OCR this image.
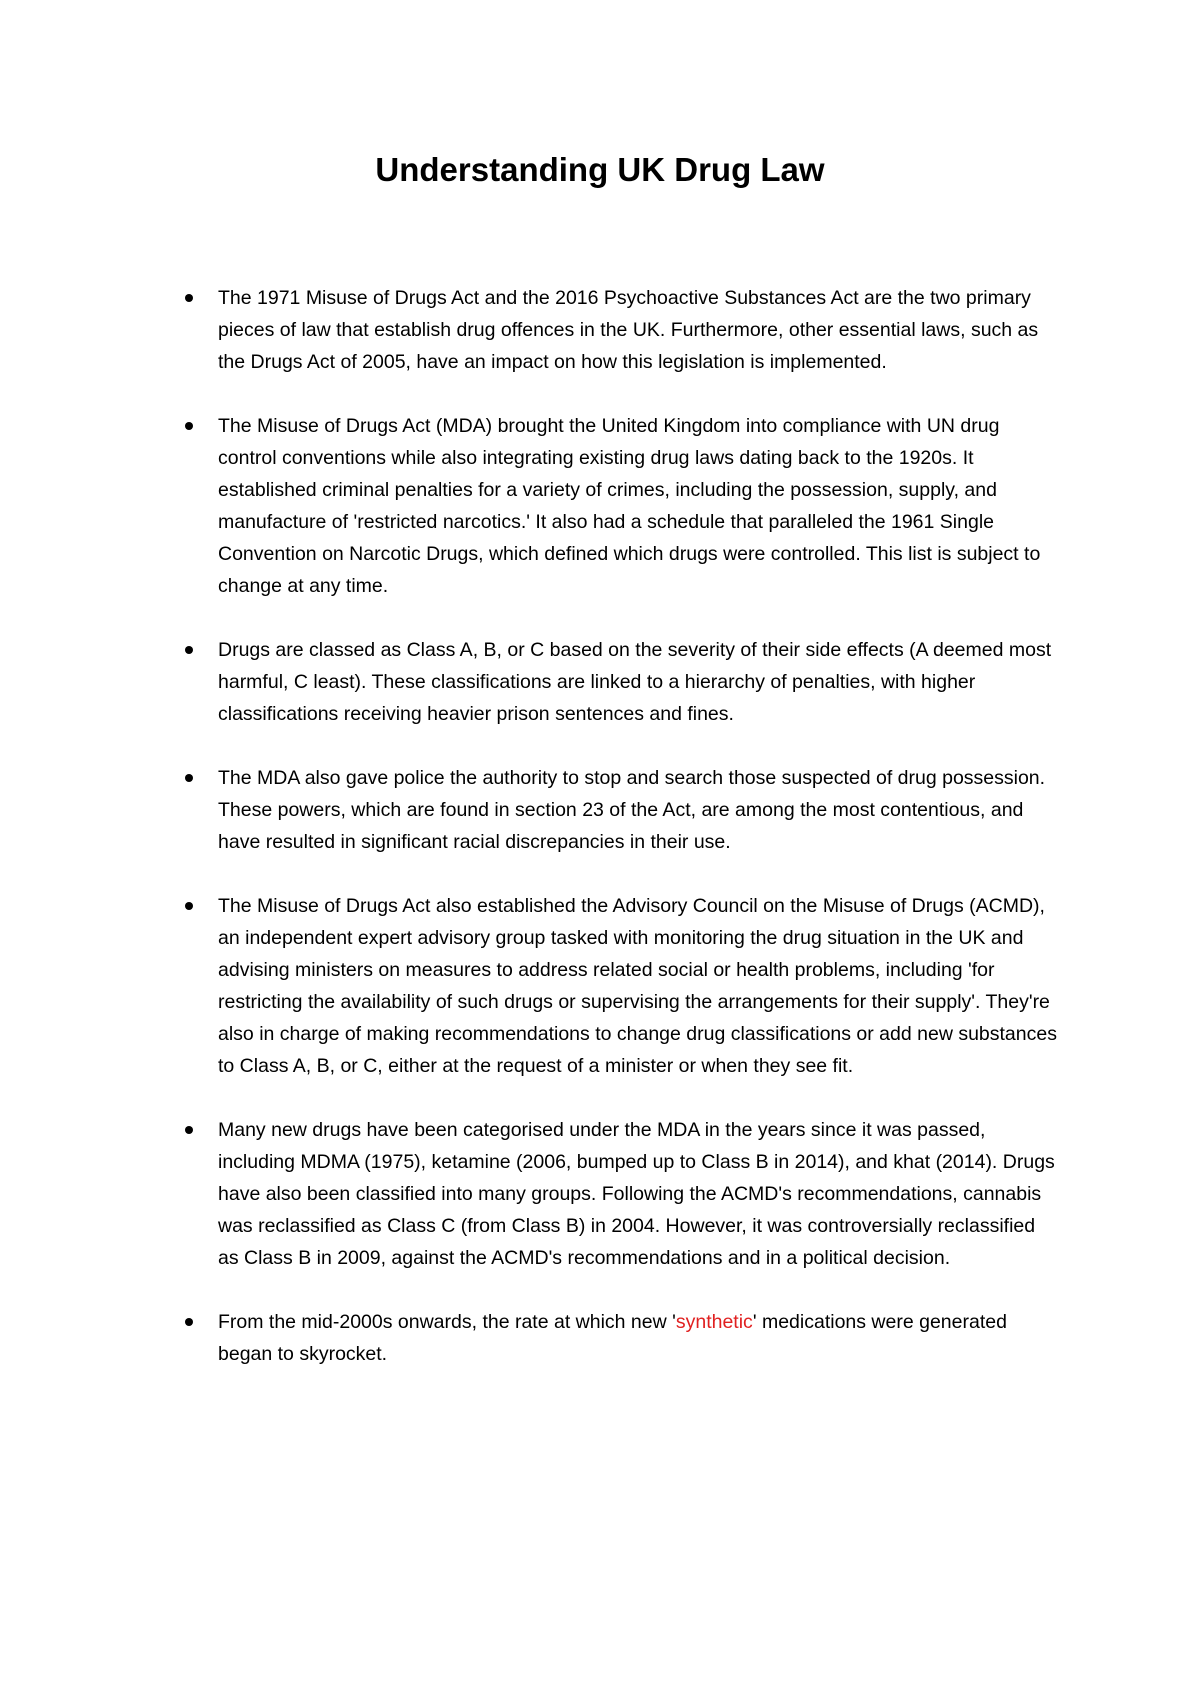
Understanding UK Drug Law
The 1971 Misuse of Drugs Act and the 2016 Psychoactive Substances Act are the two primary pieces of law that establish drug offences in the UK. Furthermore, other essential laws, such as the Drugs Act of 2005, have an impact on how this legislation is implemented.
The Misuse of Drugs Act (MDA) brought the United Kingdom into compliance with UN drug control conventions while also integrating existing drug laws dating back to the 1920s. It established criminal penalties for a variety of crimes, including the possession, supply, and manufacture of 'restricted narcotics.' It also had a schedule that paralleled the 1961 Single Convention on Narcotic Drugs, which defined which drugs were controlled. This list is subject to change at any time.
Drugs are classed as Class A, B, or C based on the severity of their side effects (A deemed most harmful, C least). These classifications are linked to a hierarchy of penalties, with higher classifications receiving heavier prison sentences and fines.
The MDA also gave police the authority to stop and search those suspected of drug possession. These powers, which are found in section 23 of the Act, are among the most contentious, and have resulted in significant racial discrepancies in their use.
The Misuse of Drugs Act also established the Advisory Council on the Misuse of Drugs (ACMD), an independent expert advisory group tasked with monitoring the drug situation in the UK and advising ministers on measures to address related social or health problems, including 'for restricting the availability of such drugs or supervising the arrangements for their supply'. They're also in charge of making recommendations to change drug classifications or add new substances to Class A, B, or C, either at the request of a minister or when they see fit.
Many new drugs have been categorised under the MDA in the years since it was passed, including MDMA (1975), ketamine (2006, bumped up to Class B in 2014), and khat (2014). Drugs have also been classified into many groups. Following the ACMD's recommendations, cannabis was reclassified as Class C (from Class B) in 2004. However, it was controversially reclassified as Class B in 2009, against the ACMD's recommendations and in a political decision.
From the mid-2000s onwards, the rate at which new 'synthetic' medications were generated began to skyrocket.
